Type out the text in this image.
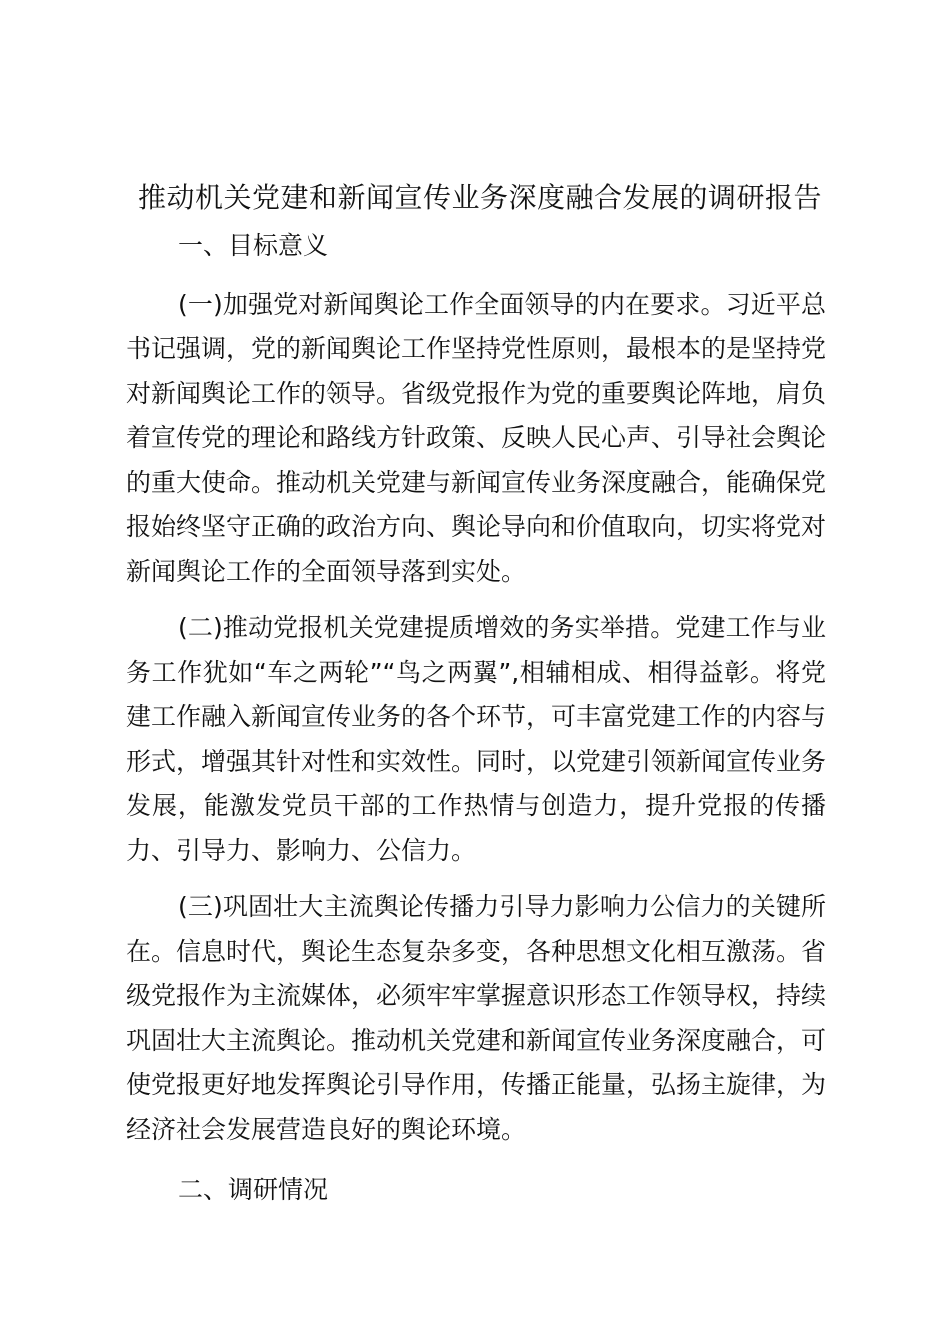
推动机关党建和新闻宣传业务深度融合发展的调研报告
一、目标意义

(一)加强党对新闻舆论工作全面领导的内在要求。习近平总书记强调，党的新闻舆论工作坚持党性原则，最根本的是坚持党对新闻舆论工作的领导。省级党报作为党的重要舆论阵地，肩负着宣传党的理论和路线方针政策、反映人民心声、引导社会舆论的重大使命。推动机关党建与新闻宣传业务深度融合，能确保党报始终坚守正确的政治方向、舆论导向和价值取向，切实将党对新闻舆论工作的全面领导落到实处。

(二)推动党报机关党建提质增效的务实举措。党建工作与业务工作犹如“车之两轮”“鸟之两翼”,相辅相成、相得益彰。将党建工作融入新闻宣传业务的各个环节，可丰富党建工作的内容与形式，增强其针对性和实效性。同时，以党建引领新闻宣传业务发展，能激发党员干部的工作热情与创造力，提升党报的传播力、引导力、影响力、公信力。

(三)巩固壮大主流舆论传播力引导力影响力公信力的关键所在。信息时代，舆论生态复杂多变，各种思想文化相互激荡。省级党报作为主流媒体，必须牢牢掌握意识形态工作领导权，持续巩固壮大主流舆论。推动机关党建和新闻宣传业务深度融合，可使党报更好地发挥舆论引导作用，传播正能量，弘扬主旋律，为经济社会发展营造良好的舆论环境。

二、调研情况
